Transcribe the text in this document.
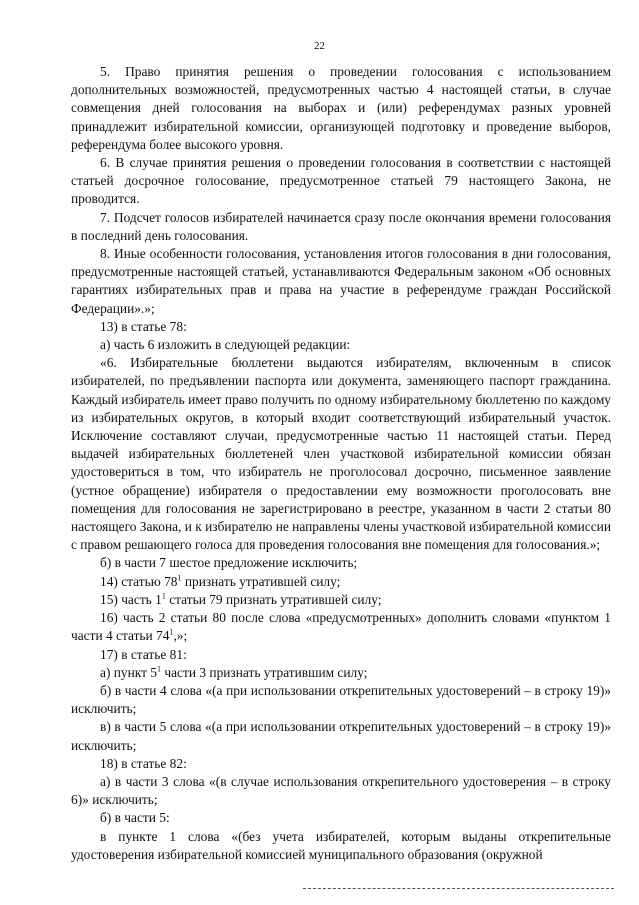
22

5. Право принятия решения о проведении голосования с использованием дополнительных возможностей, предусмотренных частью 4 настоящей статьи, в случае совмещения дней голосования на выборах и (или) референдумах разных уровней принадлежит избирательной комиссии, организующей подготовку и проведение выборов, референдума более высокого уровня.

6. В случае принятия решения о проведении голосования в соответствии с настоящей статьей досрочное голосование, предусмотренное статьей 79 настоящего Закона, не проводится.

7. Подсчет голосов избирателей начинается сразу после окончания времени голосования в последний день голосования.

8. Иные особенности голосования, установления итогов голосования в дни голосования, предусмотренные настоящей статьей, устанавливаются Федеральным законом «Об основных гарантиях избирательных прав и права на участие в референдуме граждан Российской Федерации».»;

13) в статье 78:

а) часть 6 изложить в следующей редакции:

«6. Избирательные бюллетени выдаются избирателям, включенным в список избирателей, по предъявлении паспорта или документа, заменяющего паспорт гражданина. Каждый избиратель имеет право получить по одному избирательному бюллетеню по каждому из избирательных округов, в который входит соответствующий избирательный участок. Исключение составляют случаи, предусмотренные частью 11 настоящей статьи. Перед выдачей избирательных бюллетеней член участковой избирательной комиссии обязан удостовериться в том, что избиратель не проголосовал досрочно, письменное заявление (устное обращение) избирателя о предоставлении ему возможности проголосовать вне помещения для голосования не зарегистрировано в реестре, указанном в части 2 статьи 80 настоящего Закона, и к избирателю не направлены члены участковой избирательной комиссии с правом решающего голоса для проведения голосования вне помещения для голосования.»;

б) в части 7 шестое предложение исключить;

14) статью $78^1$ признать утратившей силу;

15) часть $1^1$ статьи 79 признать утратившей силу;

16) часть 2 статьи 80 после слова «предусмотренных» дополнить словами «пунктом 1 части 4 статьи $74^1$,»;

17) в статье 81:

а) пункт $5^1$ части 3 признать утратившим силу;

б) в части 4 слова «(а при использовании открепительных удостоверений – в строку 19)» исключить;

в) в части 5 слова «(а при использовании открепительных удостоверений – в строку 19)» исключить;

18) в статье 82:

а) в части 3 слова «(в случае использования открепительного удостоверения – в строку 6)» исключить;

б) в части 5:

в пункте 1 слова «(без учета избирателей, которым выданы открепительные удостоверения избирательной комиссией муниципального образования (окружной
